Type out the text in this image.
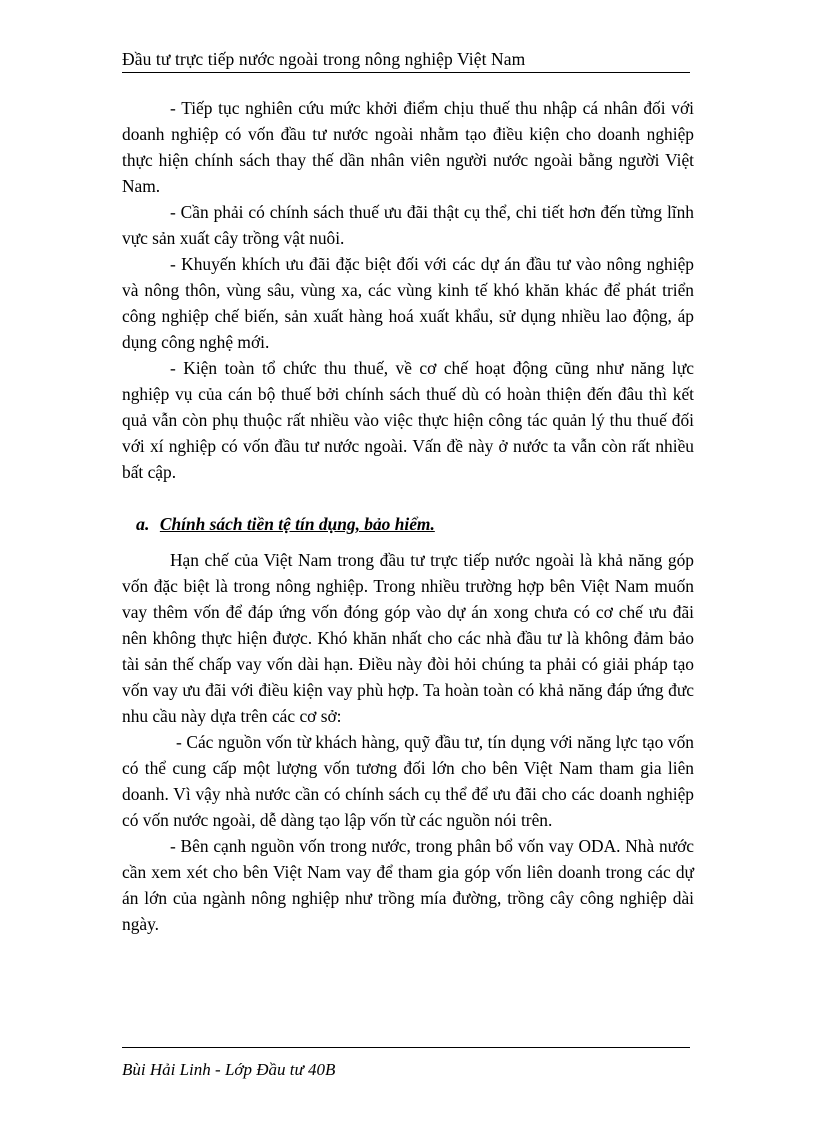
Đầu tư trực tiếp nước ngoài trong nông nghiệp Việt Nam

- Tiếp tục nghiên cứu mức khởi điểm chịu thuế thu nhập cá nhân đối với doanh nghiệp có vốn đầu tư nước ngoài nhằm tạo điều kiện cho doanh nghiệp thực hiện chính sách thay thế dần nhân viên người nước ngoài bằng người Việt Nam.

- Cần phải có chính sách thuế ưu đãi thật cụ thể, chi tiết hơn đến từng lĩnh vực sản xuất cây trồng vật nuôi.

- Khuyến khích ưu đãi đặc biệt đối với các dự án đầu tư vào nông nghiệp và nông thôn, vùng sâu, vùng xa, các vùng kinh tế khó khăn khác để phát triển công nghiệp chế biến, sản xuất hàng hoá xuất khẩu, sử dụng nhiều lao động, áp dụng công nghệ mới.

- Kiện toàn tổ chức thu thuế, về cơ chế hoạt động cũng như năng lực nghiệp vụ của cán bộ thuế bởi chính sách thuế dù có hoàn thiện đến đâu thì kết quả vẫn còn phụ thuộc rất nhiều vào việc thực hiện công tác quản lý thu thuế đối với xí nghiệp có vốn đầu tư nước ngoài. Vấn đề này ở nước ta vẫn còn rất nhiều bất cập.

a. Chính sách tiền tệ tín dụng, bảo hiểm.

Hạn chế của Việt Nam trong đầu tư trực tiếp nước ngoài là khả năng góp vốn đặc biệt là trong nông nghiệp. Trong nhiều trường hợp bên Việt Nam muốn vay thêm vốn để đáp ứng vốn đóng góp vào dự án xong chưa có cơ chế ưu đãi nên không thực hiện được. Khó khăn nhất cho các nhà đầu tư là không đảm bảo tài sản thế chấp vay vốn dài hạn. Điều này đòi hỏi chúng ta phải có giải pháp tạo vốn vay ưu đãi với điều kiện vay phù hợp. Ta hoàn toàn có khả năng đáp ứng đưc nhu cầu này dựa trên các cơ sở:

- Các nguồn vốn từ khách hàng, quỹ đầu tư, tín dụng với năng lực tạo vốn có thể cung cấp một lượng vốn tương đối lớn cho bên Việt Nam tham gia liên doanh. Vì vậy nhà nước cần có chính sách cụ thể để ưu đãi cho các doanh nghiệp có vốn nước ngoài, dễ dàng tạo lập vốn từ các nguồn nói trên.

- Bên cạnh nguồn vốn trong nước, trong phân bổ vốn vay ODA. Nhà nước cần xem xét cho bên Việt Nam vay để tham gia góp vốn liên doanh trong các dự án lớn của ngành nông nghiệp như trồng mía đường, trồng cây công nghiệp dài ngày.

Bùi Hải Linh - Lớp Đầu tư 40B
